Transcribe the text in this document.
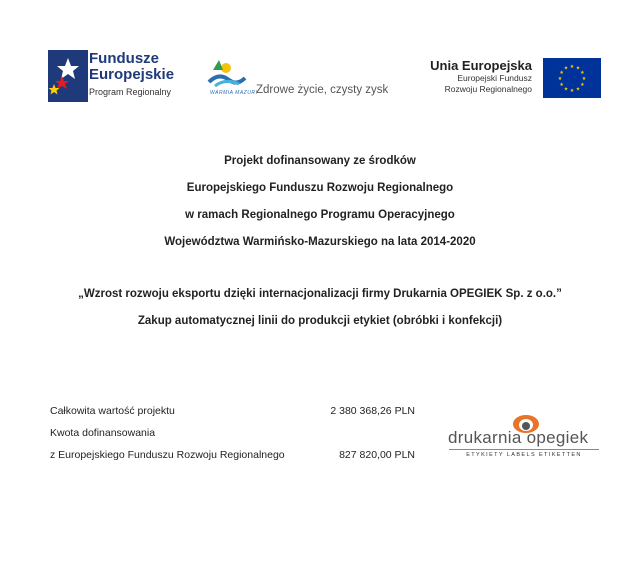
Fundusze
Europejskie
Program Regionalny	WARMIA MAZURY
Zdrowe życie, czysty zysk
Unia Europejska
Europejski Fundusz
Rozwoju Regionalnego
★
★
★
★
★
★
★
★
★ ★ ★
★
Projekt dofinansowany ze środków
Europejskiego Funduszu Rozwoju Regionalnego
w ramach Regionalnego Programu Operacyjnego
Województwa Warmińsko-Mazurskiego na lata 2014-2020
„Wzrost rozwoju eksportu dzięki internacjonalizacji firmy Drukarnia OPEGIEK Sp. z o.o.”
Zakup automatycznej linii do produkcji etykiet (obróbki i konfekcji)
Całkowita wartość projektu	2 380 368,26 PLN
Kwota dofinansowania
z Europejskiego Funduszu Rozwoju Regionalnego	827 820,00 PLN
drukarnia opegiek
ETYKIETY LABELS ETIKETTEN
